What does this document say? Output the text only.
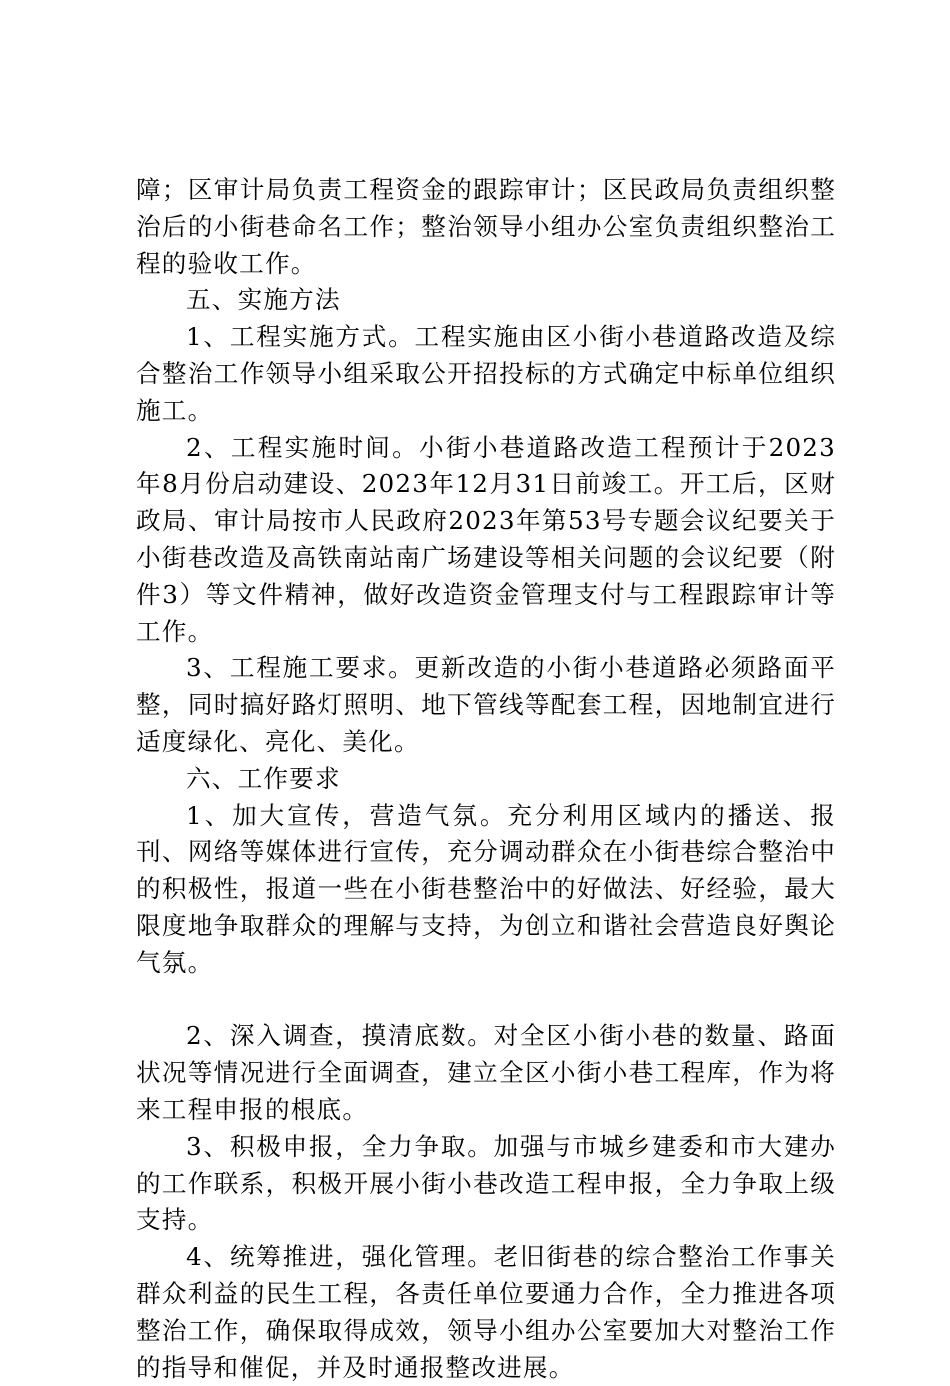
障；区审计局负责工程资金的跟踪审计；区民政局负责组织整治后的小街巷命名工作；整治领导小组办公室负责组织整治工程的验收工作。

五、实施方法

1、工程实施方式。工程实施由区小街小巷道路改造及综合整治工作领导小组采取公开招投标的方式确定中标单位组织施工。

2、工程实施时间。小街小巷道路改造工程预计于2023年8月份启动建设、2023年12月31日前竣工。开工后，区财政局、审计局按市人民政府2023年第53号专题会议纪要关于小街巷改造及高铁南站南广场建设等相关问题的会议纪要（附件3）等文件精神，做好改造资金管理支付与工程跟踪审计等工作。

3、工程施工要求。更新改造的小街小巷道路必须路面平整，同时搞好路灯照明、地下管线等配套工程，因地制宜进行适度绿化、亮化、美化。

六、工作要求

1、加大宣传，营造气氛。充分利用区域内的播送、报刊、网络等媒体进行宣传，充分调动群众在小街巷综合整治中的积极性，报道一些在小街巷整治中的好做法、好经验，最大限度地争取群众的理解与支持，为创立和谐社会营造良好舆论气氛。

2、深入调查，摸清底数。对全区小街小巷的数量、路面状况等情况进行全面调查，建立全区小街小巷工程库，作为将来工程申报的根底。

3、积极申报，全力争取。加强与市城乡建委和市大建办的工作联系，积极开展小街小巷改造工程申报，全力争取上级支持。

4、统筹推进，强化管理。老旧街巷的综合整治工作事关群众利益的民生工程，各责任单位要通力合作，全力推进各项整治工作，确保取得成效，领导小组办公室要加大对整治工作的指导和催促，并及时通报整改进展。
